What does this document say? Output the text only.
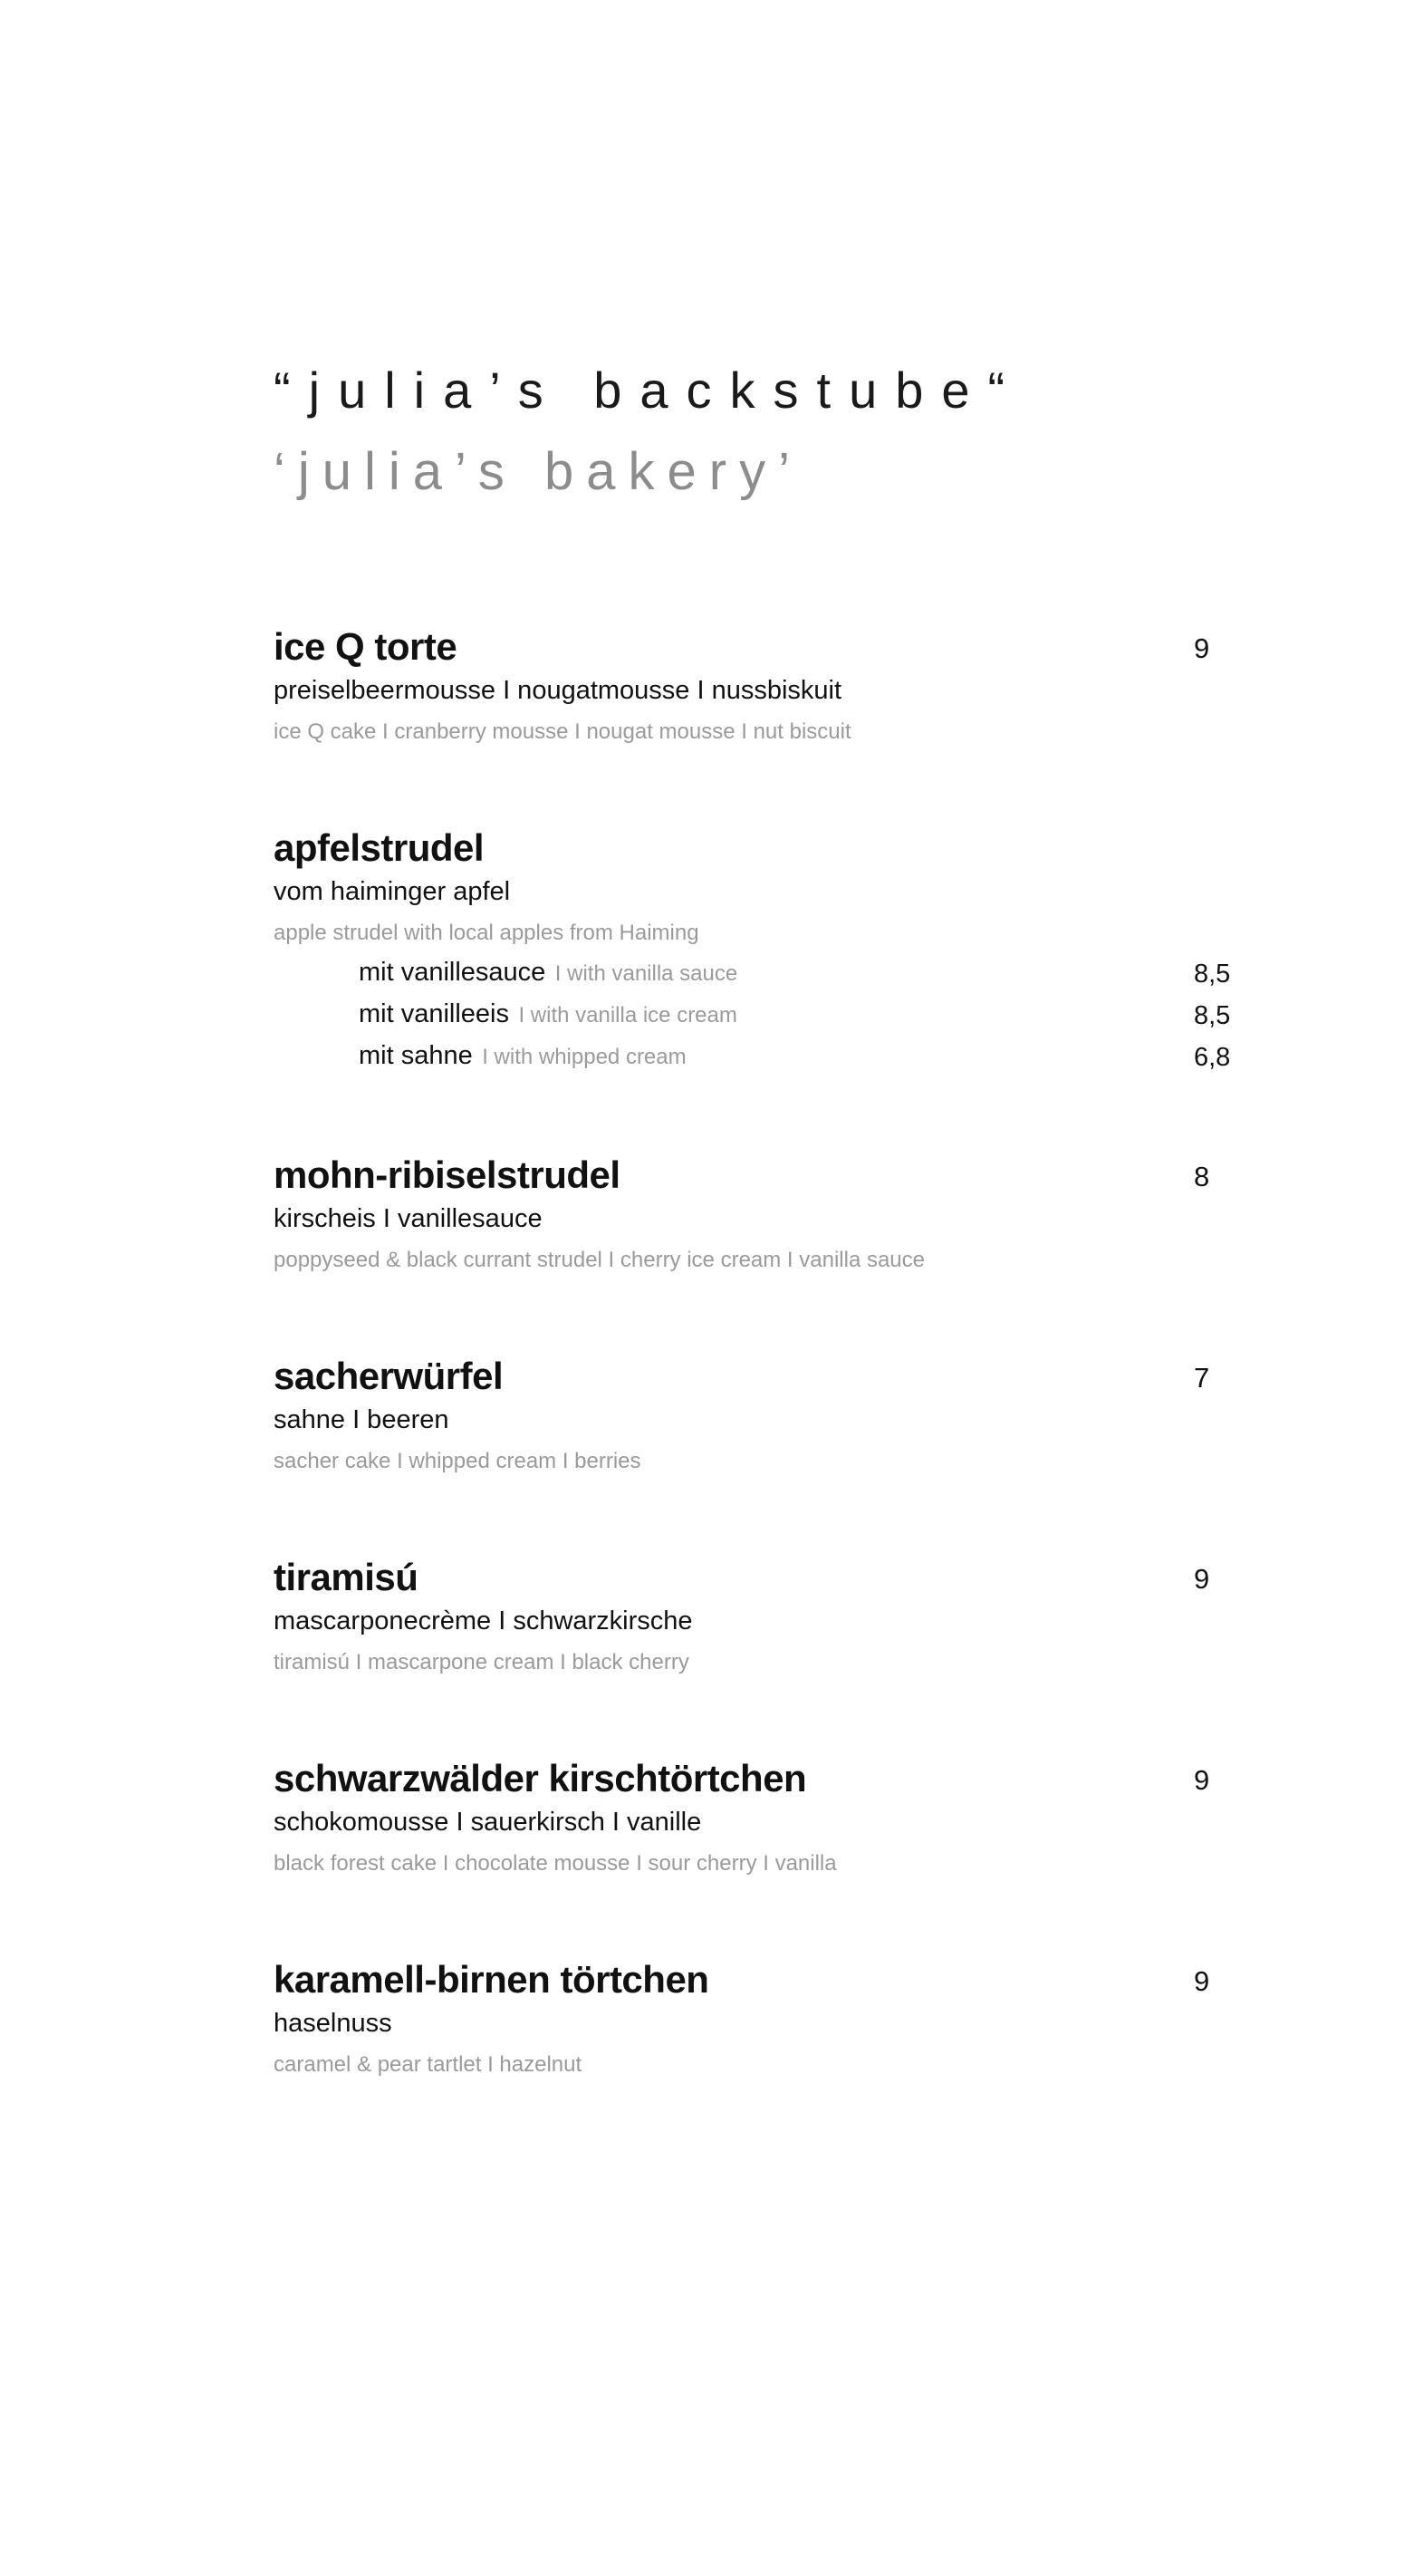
“julia’s backstube“
‘julia’s bakery’
ice Q torte	9
preiselbeermousse I nougatmousse I nussbiskuit
ice Q cake I cranberry mousse I nougat mousse I nut biscuit
apfelstrudel
vom haiminger apfel
apple strudel with local apples from Haiming
mit vanillesauce I with vanilla sauce	8,5
mit vanilleeis I with vanilla ice cream	8,5
mit sahne I with whipped cream	6,8
mohn-ribiselstrudel	8
kirscheis I vanillesauce
poppyseed & black currant strudel I cherry ice cream I vanilla sauce
sacherwürfel	7
sahne I beeren
sacher cake I whipped cream I berries
tiramisú	9
mascarponecrème I schwarzkirsche
tiramisú I mascarpone cream I black cherry
schwarzwälder kirschtörtchen	9
schokomousse I sauerkirsch I vanille
black forest cake I chocolate mousse I sour cherry I vanilla
karamell-birnen törtchen	9
haselnuss
caramel & pear tartlet I hazelnut
